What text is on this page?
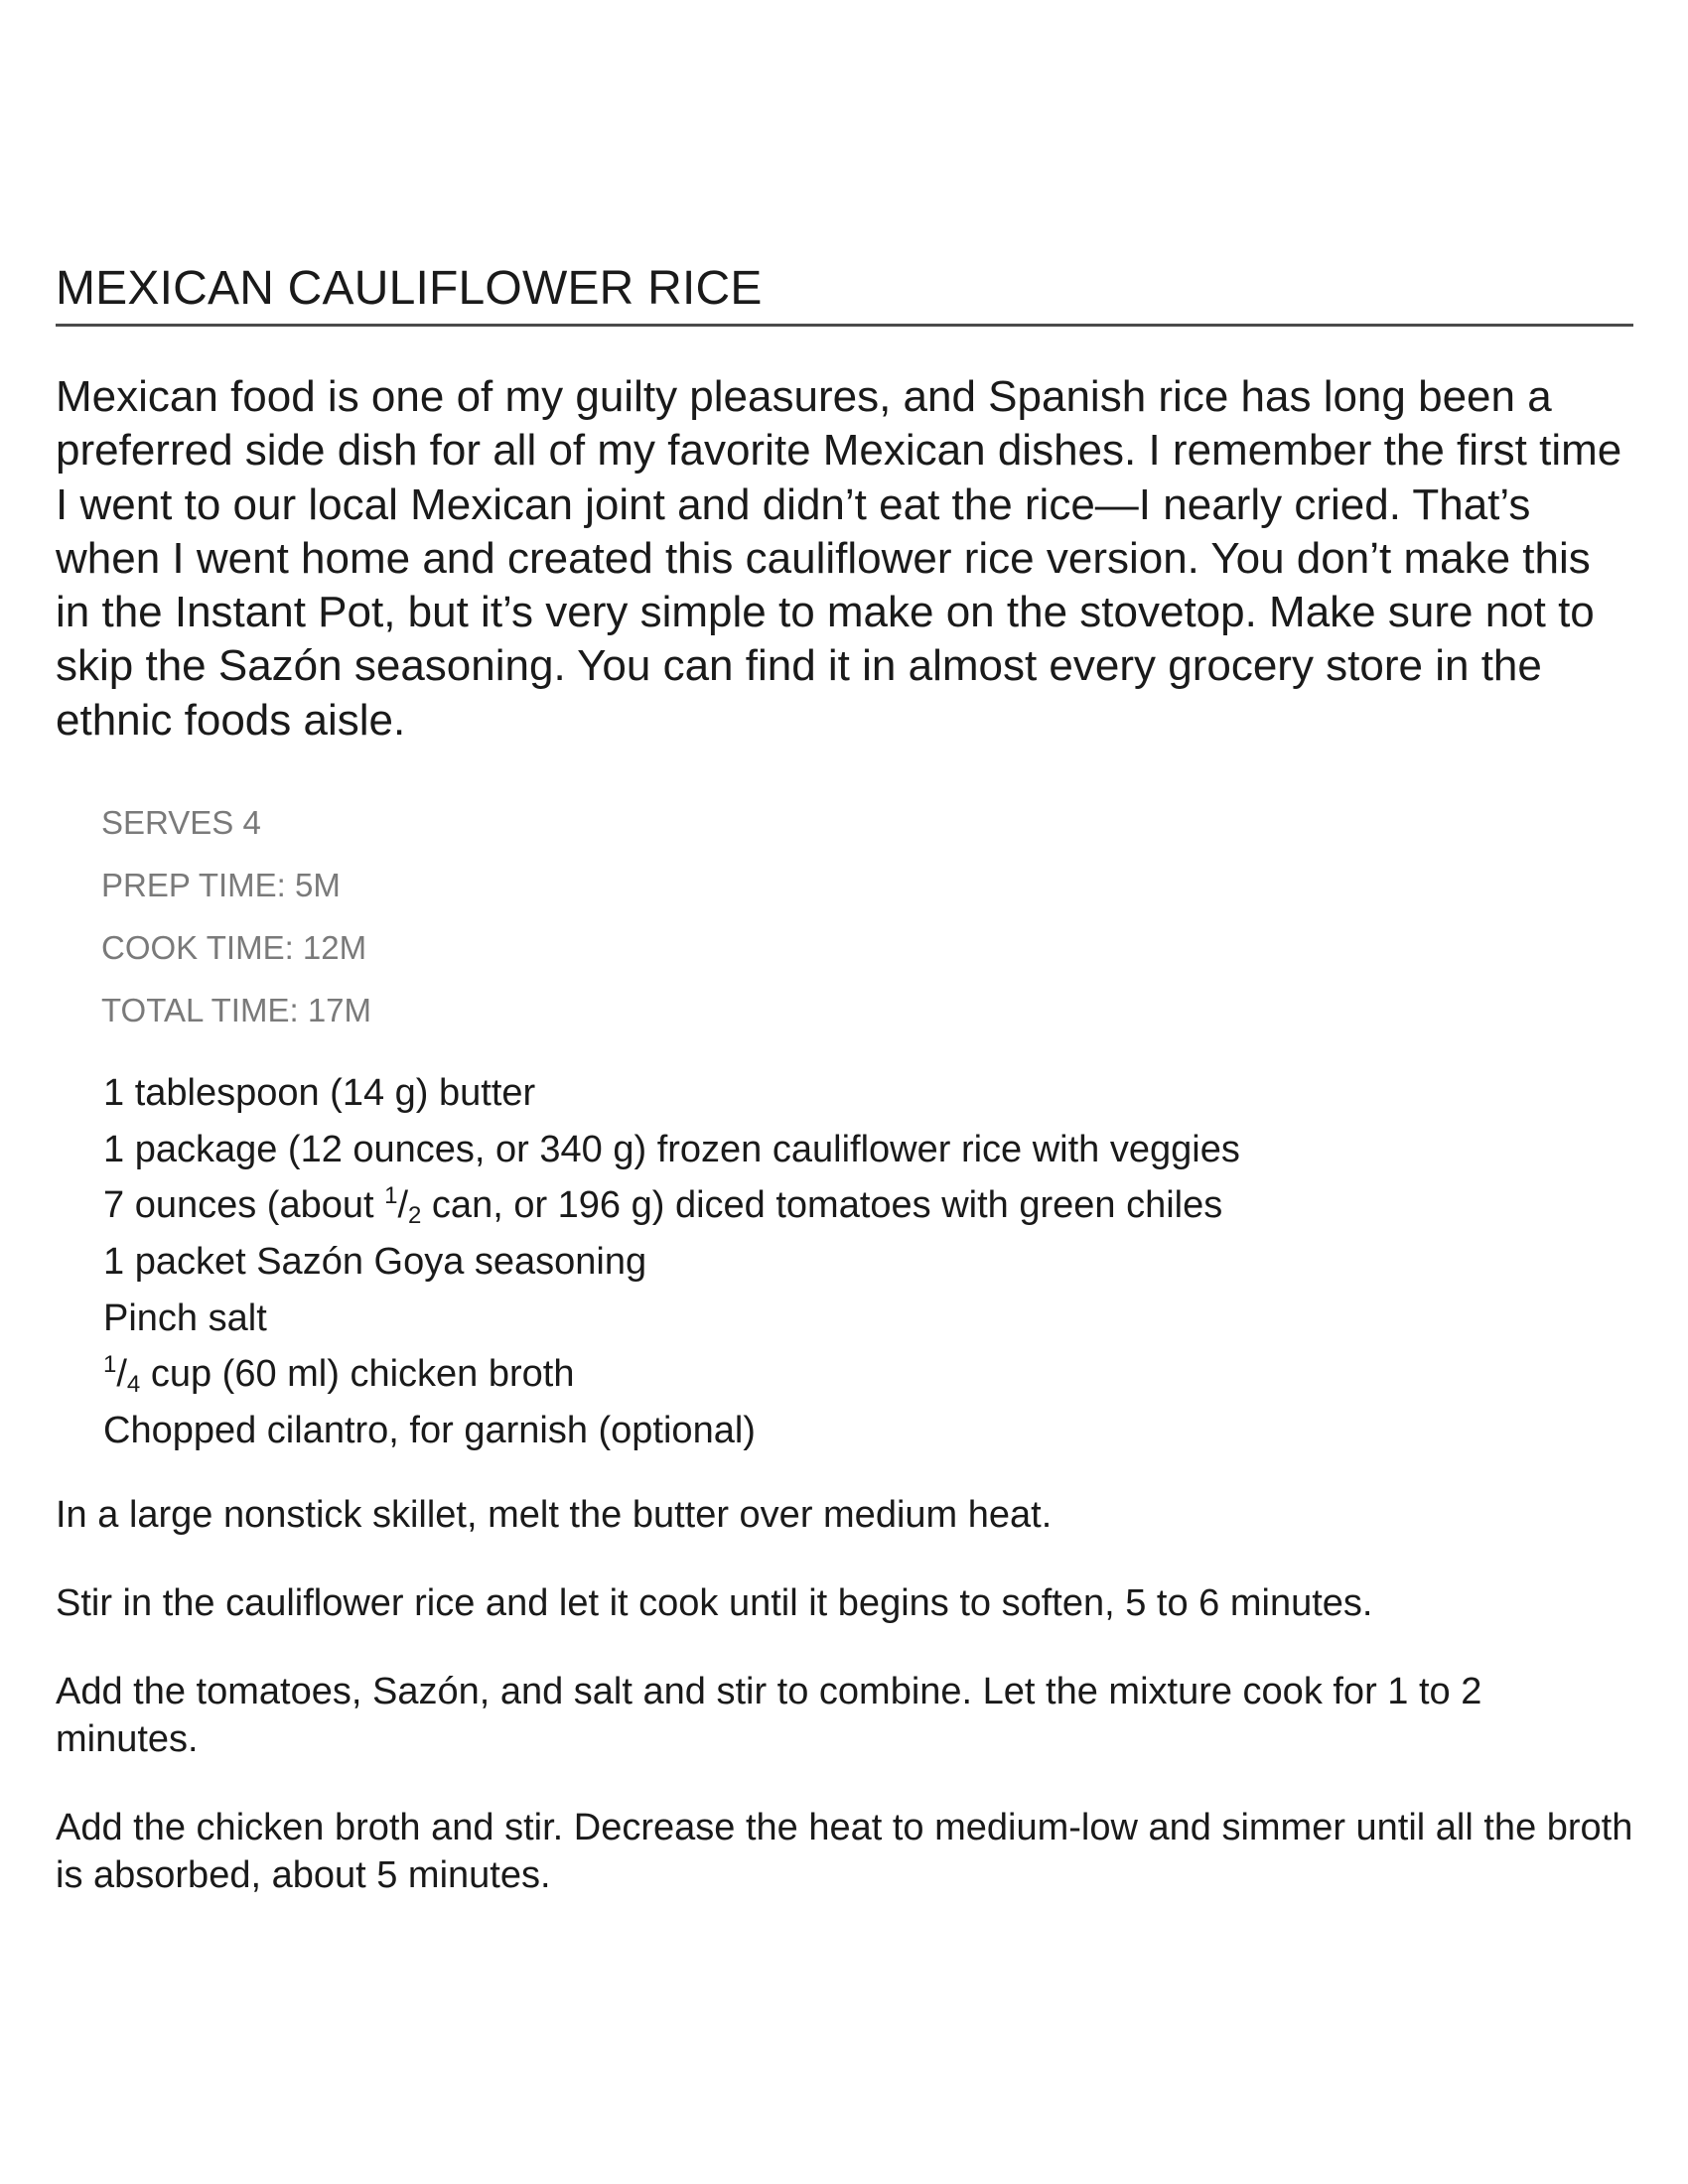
MEXICAN CAULIFLOWER RICE

Mexican food is one of my guilty pleasures, and Spanish rice has long been a preferred side dish for all of my favorite Mexican dishes. I remember the first time I went to our local Mexican joint and didn’t eat the rice—I nearly cried. That’s when I went home and created this cauliflower rice version. You don’t make this in the Instant Pot, but it’s very simple to make on the stovetop. Make sure not to skip the Sazón seasoning. You can find it in almost every grocery store in the ethnic foods aisle.

SERVES 4
PREP TIME: 5M
COOK TIME: 12M
TOTAL TIME: 17M
1 tablespoon (14 g) butter
1 package (12 ounces, or 340 g) frozen cauliflower rice with veggies
7 ounces (about $^1/_2$ can, or 196 g) diced tomatoes with green chiles
1 packet Sazón Goya seasoning
Pinch salt
$^1/_4$ cup (60 ml) chicken broth
Chopped cilantro, for garnish (optional)
In a large nonstick skillet, melt the butter over medium heat.
Stir in the cauliflower rice and let it cook until it begins to soften, 5 to 6 minutes.
Add the tomatoes, Sazón, and salt and stir to combine. Let the mixture cook for 1 to 2 minutes.
Add the chicken broth and stir. Decrease the heat to medium-low and simmer until all the broth is absorbed, about 5 minutes.
